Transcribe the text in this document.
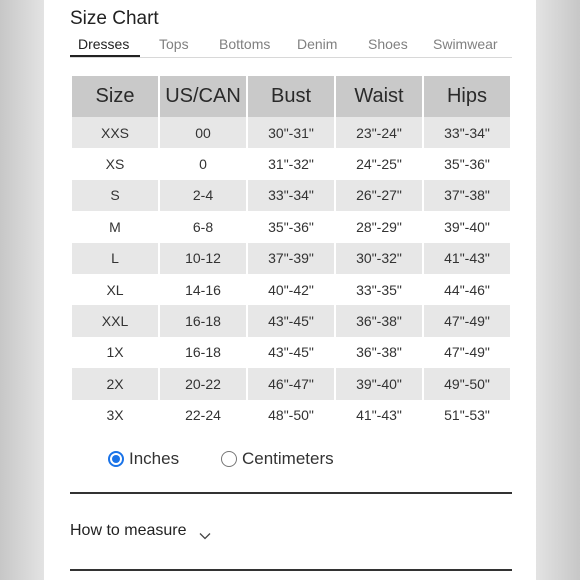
Size Chart
Dresses Tops Bottoms Denim Shoes Swimwear
Size	US/CAN	Bust	Waist	Hips
XXS	00	30"-31"	23"-24"	33"-34"
XS	0	31"-32"	24"-25"	35"-36"
S	2-4	33"-34"	26"-27"	37"-38"
M	6-8	35"-36"	28"-29"	39"-40"
L	10-12	37"-39"	30"-32"	41"-43"
XL	14-16	40"-42"	33"-35"	44"-46"
XXL	16-18	43"-45"	36"-38"	47"-49"
1X	16-18	43"-45"	36"-38"	47"-49"
2X	20-22	46"-47"	39"-40"	49"-50"
3X	22-24	48"-50"	41"-43"	51"-53"
Inches	Centimeters
How to measure
